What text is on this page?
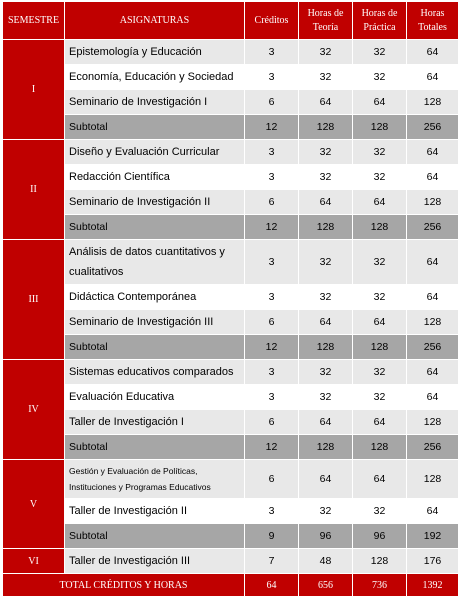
SEMESTRE	ASIGNATURAS	Créditos	Horas de Teoría	Horas de Práctica	Horas Totales
I	Epistemología y Educación	3	32	32	64
	Economía, Educación y Sociedad	3	32	32	64
	Seminario de Investigación I	6	64	64	128
	Subtotal	12	128	128	256
II	Diseño y Evaluación Curricular	3	32	32	64
	Redacción Científica	3	32	32	64
	Seminario de Investigación II	6	64	64	128
	Subtotal	12	128	128	256
III	Análisis de datos cuantitativos y cualitativos	3	32	32	64
	Didáctica Contemporánea	3	32	32	64
	Seminario de Investigación III	6	64	64	128
	Subtotal	12	128	128	256
IV	Sistemas educativos comparados	3	32	32	64
	Evaluación Educativa	3	32	32	64
	Taller de Investigación I	6	64	64	128
	Subtotal	12	128	128	256
V	Gestión y Evaluación de Políticas, Instituciones y Programas Educativos	6	64	64	128
	Taller de Investigación II	3	32	32	64
	Subtotal	9	96	96	192
VI	Taller de Investigación III	7	48	128	176
TOTAL CRÉDITOS Y HORAS		64	656	736	1392
